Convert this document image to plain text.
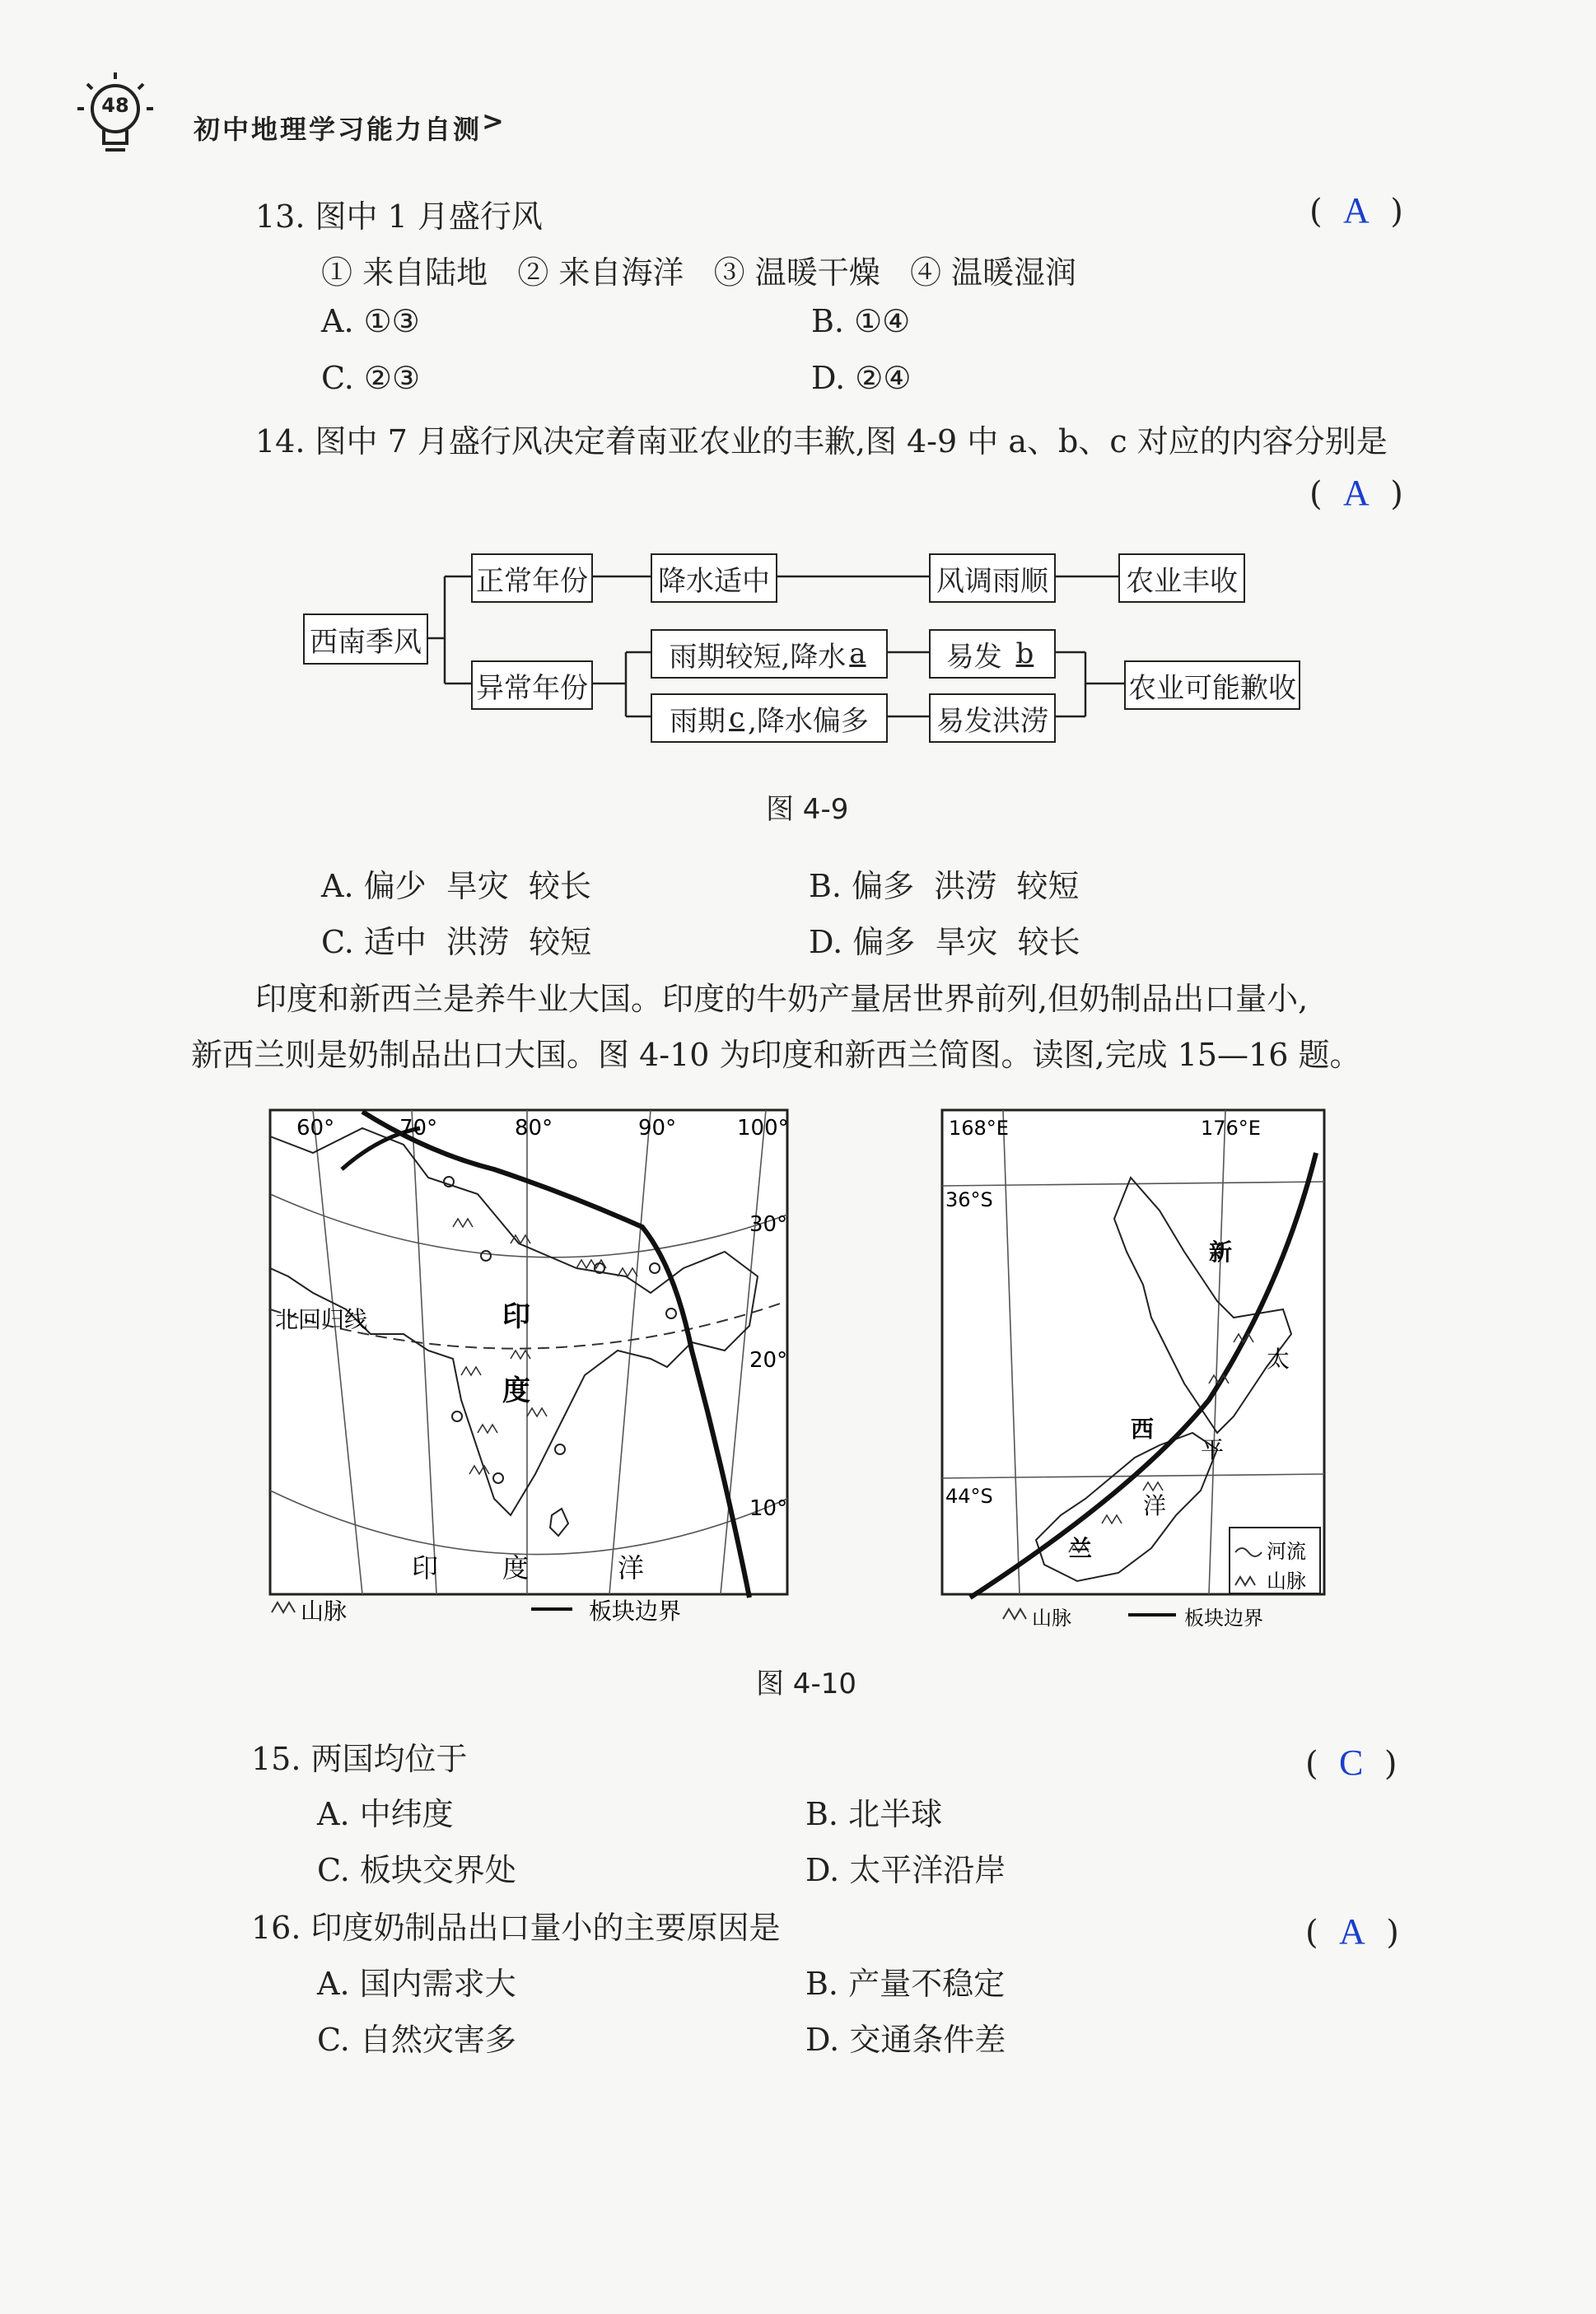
48
初中地理学习能力自测 >
13. 图中 1 月盛行风	( A )
① 来自陆地   ② 来自海洋   ③ 温暖干燥   ④ 温暖湿润
A. ①③	B. ①④
C. ②③	D. ②④
14. 图中 7 月盛行风决定着南亚农业的丰歉,图 4-9 中 a、b、c 对应的内容分别是
( A )
西南季风
正常年份	降水适中	风调雨顺	农业丰收
异常年份
雨期较短,降水 a	易发
b
雨期 c ,降水偏多 易发洪涝
农业可能歉收
图 4-9
A. 偏少  旱灾  较长	B. 偏多  洪涝  较短
C. 适中  洪涝  较短	D. 偏多  旱灾  较长
印度和新西兰是养牛业大国。印度的牛奶产量居世界前列,但奶制品出口量小,
新西兰则是奶制品出口大国。图 4-10 为印度和新西兰简图。读图,完成 15—16 题。
60°	70°	80°	90°	100°
30°
20°
10°
北回归线	印
度
印 度	洋
山脉	板块边界
168°E	176°E
36°S
44°S
新
西
兰
太
平
洋
河流
山脉
山脉	板块边界
图 4-10
15. 两国均位于	( C )
A. 中纬度	B. 北半球
C. 板块交界处	D. 太平洋沿岸
16. 印度奶制品出口量小的主要原因是	( A )
A. 国内需求大	B. 产量不稳定
C. 自然灾害多	D. 交通条件差
